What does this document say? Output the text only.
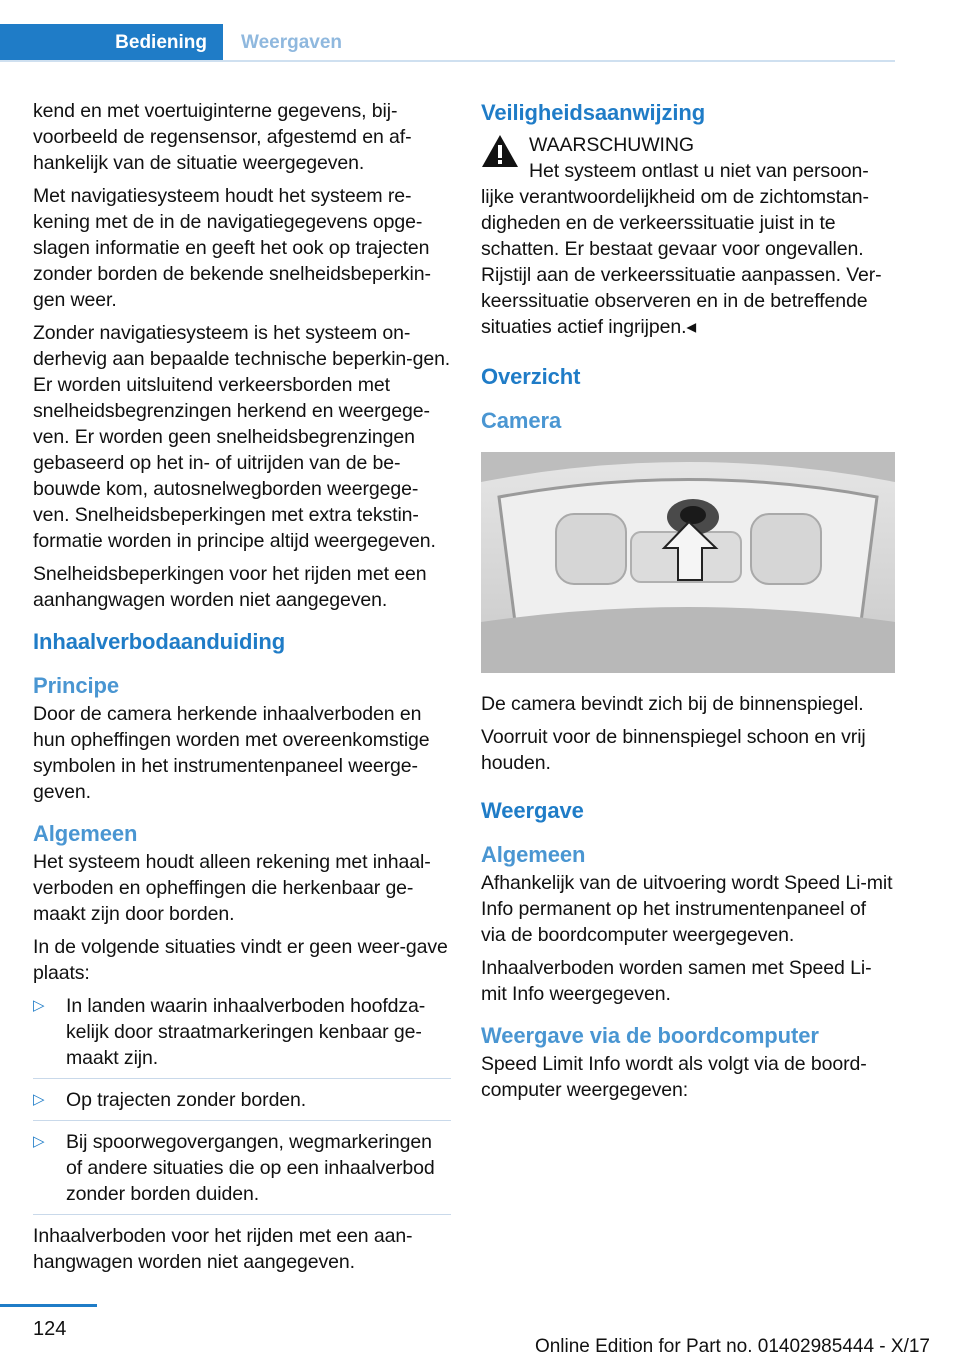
Bediening	Weergaven

kend en met voertuiginterne gegevens, bij-voorbeeld de regensensor, afgestemd en af-hankelijk van de situatie weergegeven.

Met navigatiesysteem houdt het systeem re-kening met de in de navigatiegegevens opge-slagen informatie en geeft het ook op trajecten zonder borden de bekende snelheidsbeperkin-gen weer.

Zonder navigatiesysteem is het systeem on-derhevig aan bepaalde technische beperkin-gen. Er worden uitsluitend verkeersborden met snelheidsbegrenzingen herkend en weergege-ven. Er worden geen snelheidsbegrenzingen gebaseerd op het in- of uitrijden van de be-bouwde kom, autosnelwegborden weergege-ven. Snelheidsbeperkingen met extra tekstin-formatie worden in principe altijd weergegeven.

Snelheidsbeperkingen voor het rijden met een aanhangwagen worden niet aangegeven.

Inhaalverbodaanduiding
Principe

Door de camera herkende inhaalverboden en hun opheffingen worden met overeenkomstige symbolen in het instrumentenpaneel weerge-geven.

Algemeen

Het systeem houdt alleen rekening met inhaal-verboden en opheffingen die herkenbaar ge-maakt zijn door borden.

In de volgende situaties vindt er geen weer-gave plaats:

▷ In landen waarin inhaalverboden hoofdza-kelijk door straatmarkeringen kenbaar ge-maakt zijn.
▷ Op trajecten zonder borden.
▷ Bij spoorwegovergangen, wegmarkeringen of andere situaties die op een inhaalverbod zonder borden duiden.

Inhaalverboden voor het rijden met een aan-hangwagen worden niet aangegeven.

Veiligheidsaanwijzing
WAARSCHUWING

Het systeem ontlast u niet van persoon-lijke verantwoordelijkheid om de zichtomstan-digheden en de verkeerssituatie juist in te schatten. Er bestaat gevaar voor ongevallen. Rijstijl aan de verkeerssituatie aanpassen. Ver-keerssituatie observeren en in de betreffende situaties actief ingrijpen.◂

Overzicht
Camera

De camera bevindt zich bij de binnenspiegel.

Voorruit voor de binnenspiegel schoon en vrij houden.

Weergave
Algemeen

Afhankelijk van de uitvoering wordt Speed Li-mit Info permanent op het instrumentenpaneel of via de boordcomputer weergegeven.

Inhaalverboden worden samen met Speed Li-mit Info weergegeven.

Weergave via de boordcomputer

Speed Limit Info wordt als volgt via de boord-computer weergegeven:

124
Online Edition for Part no. 01402985444 - X/17
